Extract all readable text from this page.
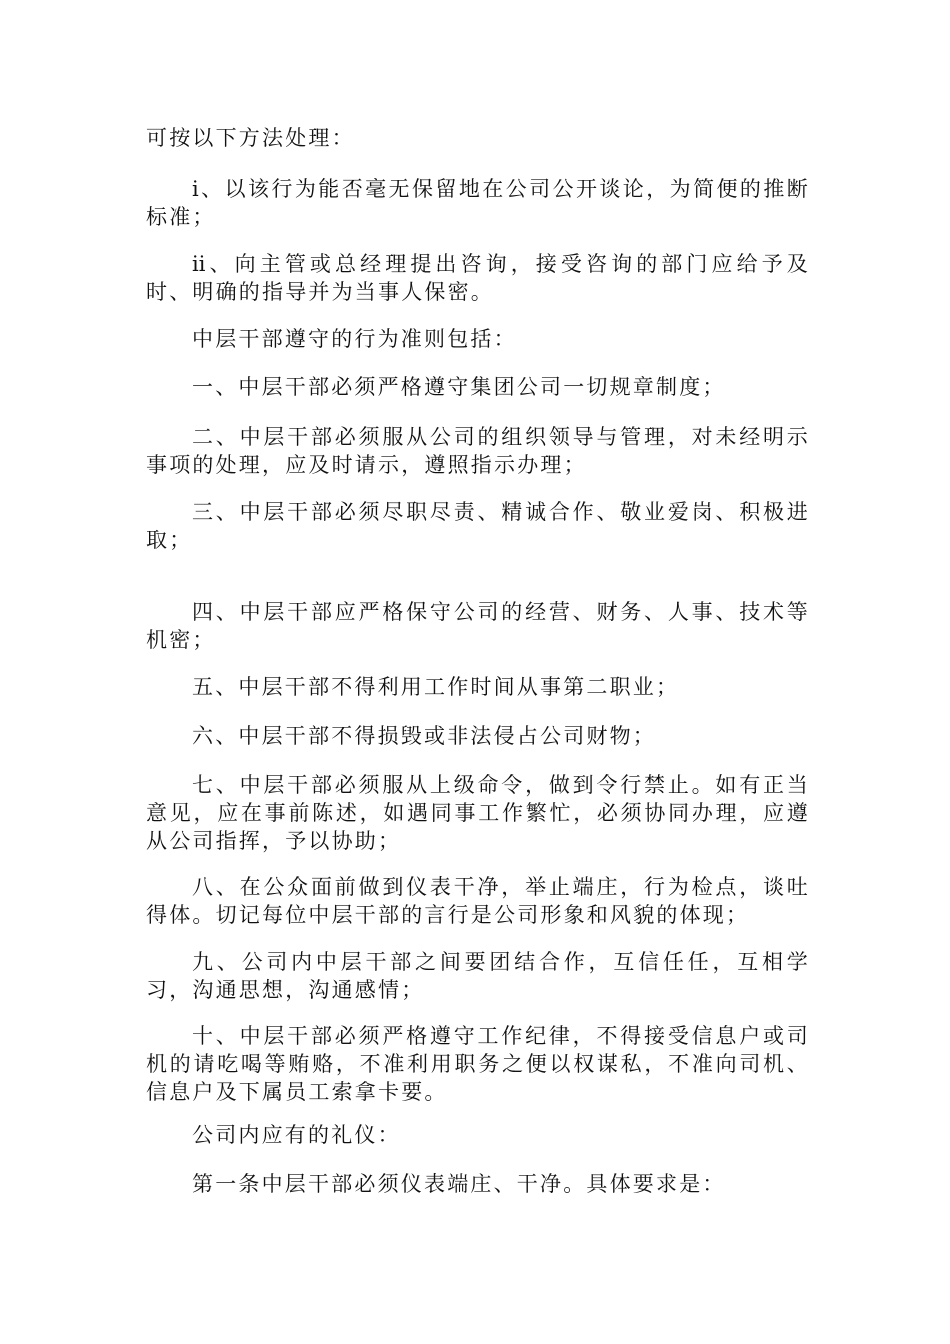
可按以下方法处理：

ⅰ、以该行为能否毫无保留地在公司公开谈论，为简便的推断标准；

ⅱ、向主管或总经理提出咨询，接受咨询的部门应给予及时、明确的指导并为当事人保密。

中层干部遵守的行为准则包括：

一、中层干部必须严格遵守集团公司一切规章制度；

二、中层干部必须服从公司的组织领导与管理，对未经明示事项的处理，应及时请示，遵照指示办理；

三、中层干部必须尽职尽责、精诚合作、敬业爱岗、积极进取；

四、中层干部应严格保守公司的经营、财务、人事、技术等机密；

五、中层干部不得利用工作时间从事第二职业；

六、中层干部不得损毁或非法侵占公司财物；

七、中层干部必须服从上级命令，做到令行禁止。如有正当意见，应在事前陈述，如遇同事工作繁忙，必须协同办理，应遵从公司指挥，予以协助；

八、在公众面前做到仪表干净，举止端庄，行为检点，谈吐得体。切记每位中层干部的言行是公司形象和风貌的体现；

九、公司内中层干部之间要团结合作，互信任任，互相学习，沟通思想，沟通感情；

十、中层干部必须严格遵守工作纪律，不得接受信息户或司机的请吃喝等贿赂，不准利用职务之便以权谋私，不准向司机、信息户及下属员工索拿卡要。

公司内应有的礼仪：

第一条中层干部必须仪表端庄、干净。具体要求是：
